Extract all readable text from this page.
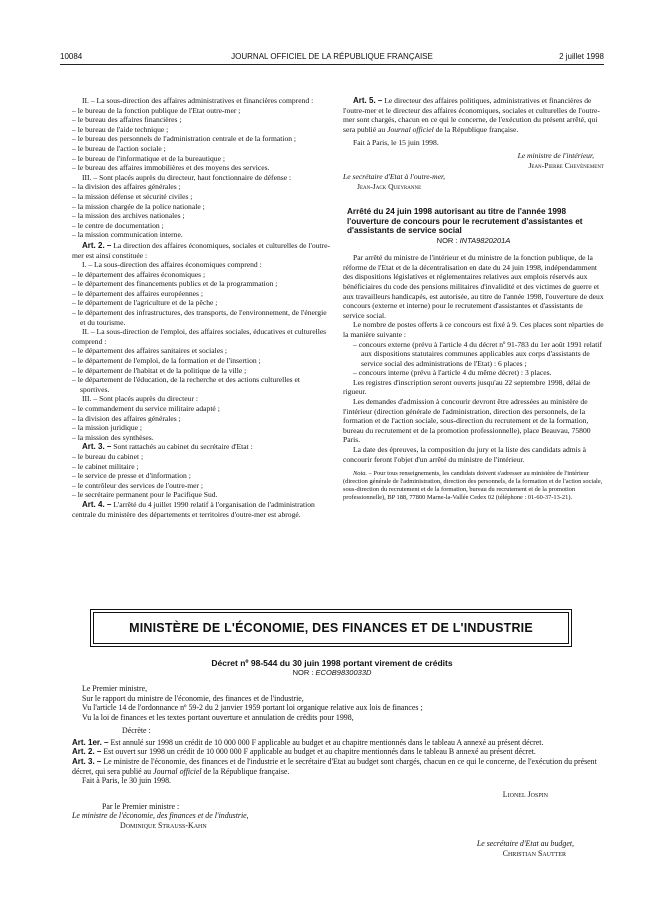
10084	JOURNAL OFFICIEL DE LA RÉPUBLIQUE FRANÇAISE	2 juillet 1998

II. – La sous-direction des affaires administratives et financières comprend :

– le bureau de la fonction publique de l'Etat outre-mer ;

– le bureau des affaires financières ;

– le bureau de l'aide technique ;

– le bureau des personnels de l'administration centrale et de la formation ;

– le bureau de l'action sociale ;

– le bureau de l'informatique et de la bureautique ;

– le bureau des affaires immobilières et des moyens des services.

III. – Sont placés auprès du directeur, haut fonctionnaire de défense :

– la division des affaires générales ;

– la mission défense et sécurité civiles ;

– la mission chargée de la police nationale ;

– la mission des archives nationales ;

– le centre de documentation ;

– la mission communication interne.

Art. 2. – La direction des affaires économiques, sociales et culturelles de l'outre-mer est ainsi constituée :

I. – La sous-direction des affaires économiques comprend :

– le département des affaires économiques ;

– le département des financements publics et de la programmation ;

– le département des affaires européennes ;

– le département de l'agriculture et de la pêche ;

– le département des infrastructures, des transports, de l'environnement, de l'énergie et du tourisme.

II. – La sous-direction de l'emploi, des affaires sociales, éducatives et culturelles comprend :

– le département des affaires sanitaires et sociales ;

– le département de l'emploi, de la formation et de l'insertion ;

– le département de l'habitat et de la politique de la ville ;

– le département de l'éducation, de la recherche et des actions culturelles et sportives.

III. – Sont placés auprès du directeur :

– le commandement du service militaire adapté ;

– la division des affaires générales ;

– la mission juridique ;

– la mission des synthèses.

Art. 3. – Sont rattachés au cabinet du secrétaire d'Etat :

– le bureau du cabinet ;

– le cabinet militaire ;

– le service de presse et d'information ;

– le contrôleur des services de l'outre-mer ;

– le secrétaire permanent pour le Pacifique Sud.

Art. 4. – L'arrêté du 4 juillet 1990 relatif à l'organisation de l'administration centrale du ministère des départements et territoires d'outre-mer est abrogé.

Art. 5. – Le directeur des affaires politiques, administratives et financières de l'outre-mer et le directeur des affaires économiques, sociales et culturelles de l'outre-mer sont chargés, chacun en ce qui le concerne, de l'exécution du présent arrêté, qui sera publié au Journal officiel de la République française.

Fait à Paris, le 15 juin 1998.

Le ministre de l'intérieur,

Jean-Pierre Chevènement

Le secrétaire d'Etat à l'outre-mer,

Jean-Jack Queyranne

Arrêté du 24 juin 1998 autorisant au titre de l'année 1998 l'ouverture de concours pour le recrutement d'assistantes et d'assistants de service social

NOR : INTA9820201A

Par arrêté du ministre de l'intérieur et du ministre de la fonction publique, de la réforme de l'Etat et de la décentralisation en date du 24 juin 1998, indépendamment des dispositions législatives et réglementaires relatives aux emplois réservés aux bénéficiaires du code des pensions militaires d'invalidité et des victimes de guerre et aux travailleurs handicapés, est autorisée, au titre de l'année 1998, l'ouverture de deux concours (externe et interne) pour le recrutement d'assistantes et d'assistants de service social.

Le nombre de postes offerts à ce concours est fixé à 9. Ces places sont réparties de la manière suivante :

– concours externe (prévu à l'article 4 du décret nº 91-783 du 1er août 1991 relatif aux dispositions statutaires communes applicables aux corps d'assistants de service social des administrations de l'Etat) : 6 places ;

– concours interne (prévu à l'article 4 du même décret) : 3 places.

Les registres d'inscription seront ouverts jusqu'au 22 septembre 1998, délai de rigueur.

Les demandes d'admission à concourir devront être adressées au ministère de l'intérieur (direction générale de l'administration, direction des personnels, de la formation et de l'action sociale, sous-direction du recrutement et de la formation, bureau du recrutement et de la promotion professionnelle), place Beauvau, 75800 Paris.

La date des épreuves, la composition du jury et la liste des candidats admis à concourir feront l'objet d'un arrêté du ministre de l'intérieur.

Nota. – Pour tous renseignements, les candidats doivent s'adresser au ministère de l'intérieur (direction générale de l'administration, direction des personnels, de la formation et de l'action sociale, sous-direction du recrutement et de la formation, bureau du recrutement et de la promotion professionnelle), BP 188, 77800 Marne-la-Vallée Cedex 02 (téléphone : 01-60-37-13-21).

MINISTÈRE DE L'ÉCONOMIE, DES FINANCES ET DE L'INDUSTRIE
Décret nº 98-544 du 30 juin 1998 portant virement de crédits
NOR : ECOB9830033D

Le Premier ministre,

Sur le rapport du ministre de l'économie, des finances et de l'industrie,

Vu l'article 14 de l'ordonnance nº 59-2 du 2 janvier 1959 portant loi organique relative aux lois de finances ;

Vu la loi de finances et les textes portant ouverture et annulation de crédits pour 1998,

Décrète :

Art. 1er. – Est annulé sur 1998 un crédit de 10 000 000 F applicable au budget et au chapitre mentionnés dans le tableau A annexé au présent décret.

Art. 2. – Est ouvert sur 1998 un crédit de 10 000 000 F applicable au budget et au chapitre mentionnés dans le tableau B annexé au présent décret.

Art. 3. – Le ministre de l'économie, des finances et de l'industrie et le secrétaire d'Etat au budget sont chargés, chacun en ce qui le concerne, de l'exécution du présent décret, qui sera publié au Journal officiel de la République française.

Fait à Paris, le 30 juin 1998.

Lionel Jospin

Par le Premier ministre :

Le ministre de l'économie, des finances et de l'industrie,

Dominique Strauss-Kahn

Le secrétaire d'Etat au budget,

Christian Sautter
